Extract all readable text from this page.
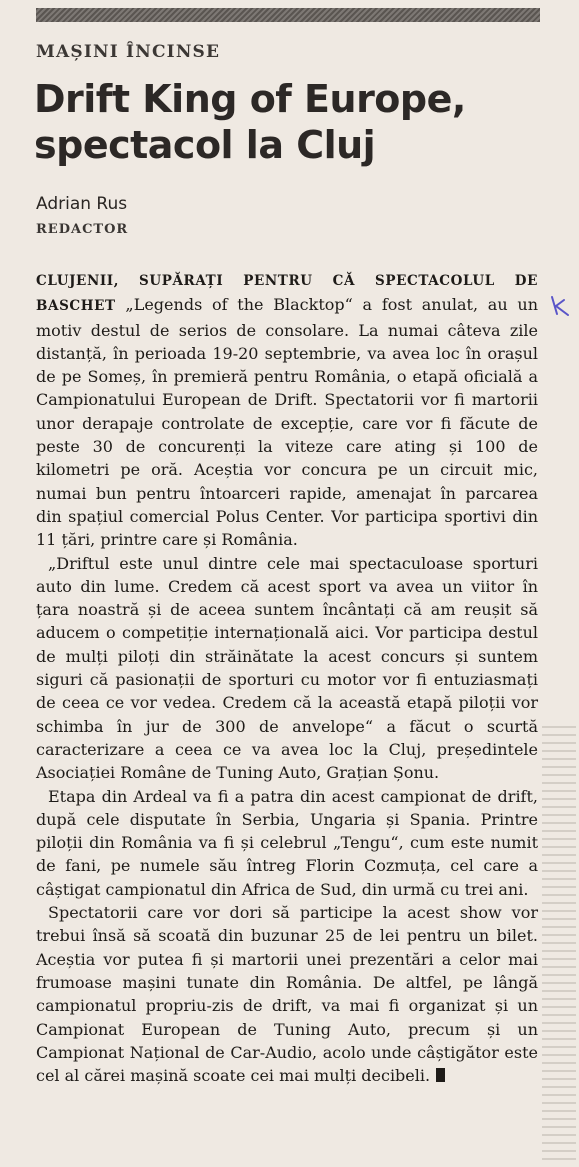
MAȘINI ÎNCINSE
Drift King of Europe,
spectacol la Cluj
Adrian Rus
REDACTOR

CLUJENII, SUPĂRAȚI PENTRU CĂ SPECTACOLUL DE BASCHET „Legends of the Blacktop“ a fost anulat, au un motiv destul de serios de consolare. La numai câteva zile distanță, în perioada 19-20 septembrie, va avea loc în orașul de pe Someș, în premieră pentru România, o etapă oficială a Campionatului European de Drift. Spectatorii vor fi martorii unor derapaje controlate de excepție, care vor fi făcute de peste 30 de concurenți la viteze care ating și 100 de kilometri pe oră. Aceștia vor concura pe un circuit mic, numai bun pentru întoarceri rapide, amenajat în parcarea din spațiul comercial Polus Center. Vor participa sportivi din 11 țări, printre care și România.

„Driftul este unul dintre cele mai spectaculoase sporturi auto din lume. Credem că acest sport va avea un viitor în țara noastră și de aceea suntem încântați că am reușit să aducem o competiție internațională aici. Vor participa destul de mulți piloți din străinătate la acest concurs și suntem siguri că pasionații de sporturi cu motor vor fi entuziasmați de ceea ce vor vedea. Credem că la această etapă piloții vor schimba în jur de 300 de anvelope“ a făcut o scurtă caracterizare a ceea ce va avea loc la Cluj, președintele Asociației Române de Tuning Auto, Grațian Șonu.

Etapa din Ardeal va fi a patra din acest campionat de drift, după cele disputate în Serbia, Ungaria și Spania. Printre piloții din România va fi și celebrul „Tengu“, cum este numit de fani, pe numele său întreg Florin Cozmuța, cel care a câștigat campionatul din Africa de Sud, din urmă cu trei ani.

Spectatorii care vor dori să participe la acest show vor trebui însă să scoată din buzunar 25 de lei pentru un bilet. Aceștia vor putea fi și martorii unei prezentări a celor mai frumoase mașini tunate din România. De altfel, pe lângă campionatul propriu-zis de drift, va mai fi organizat și un Campionat European de Tuning Auto, precum și un Campionat Național de Car-Audio, acolo unde câștigător este cel al cărei mașină scoate cei mai mulți decibeli.
